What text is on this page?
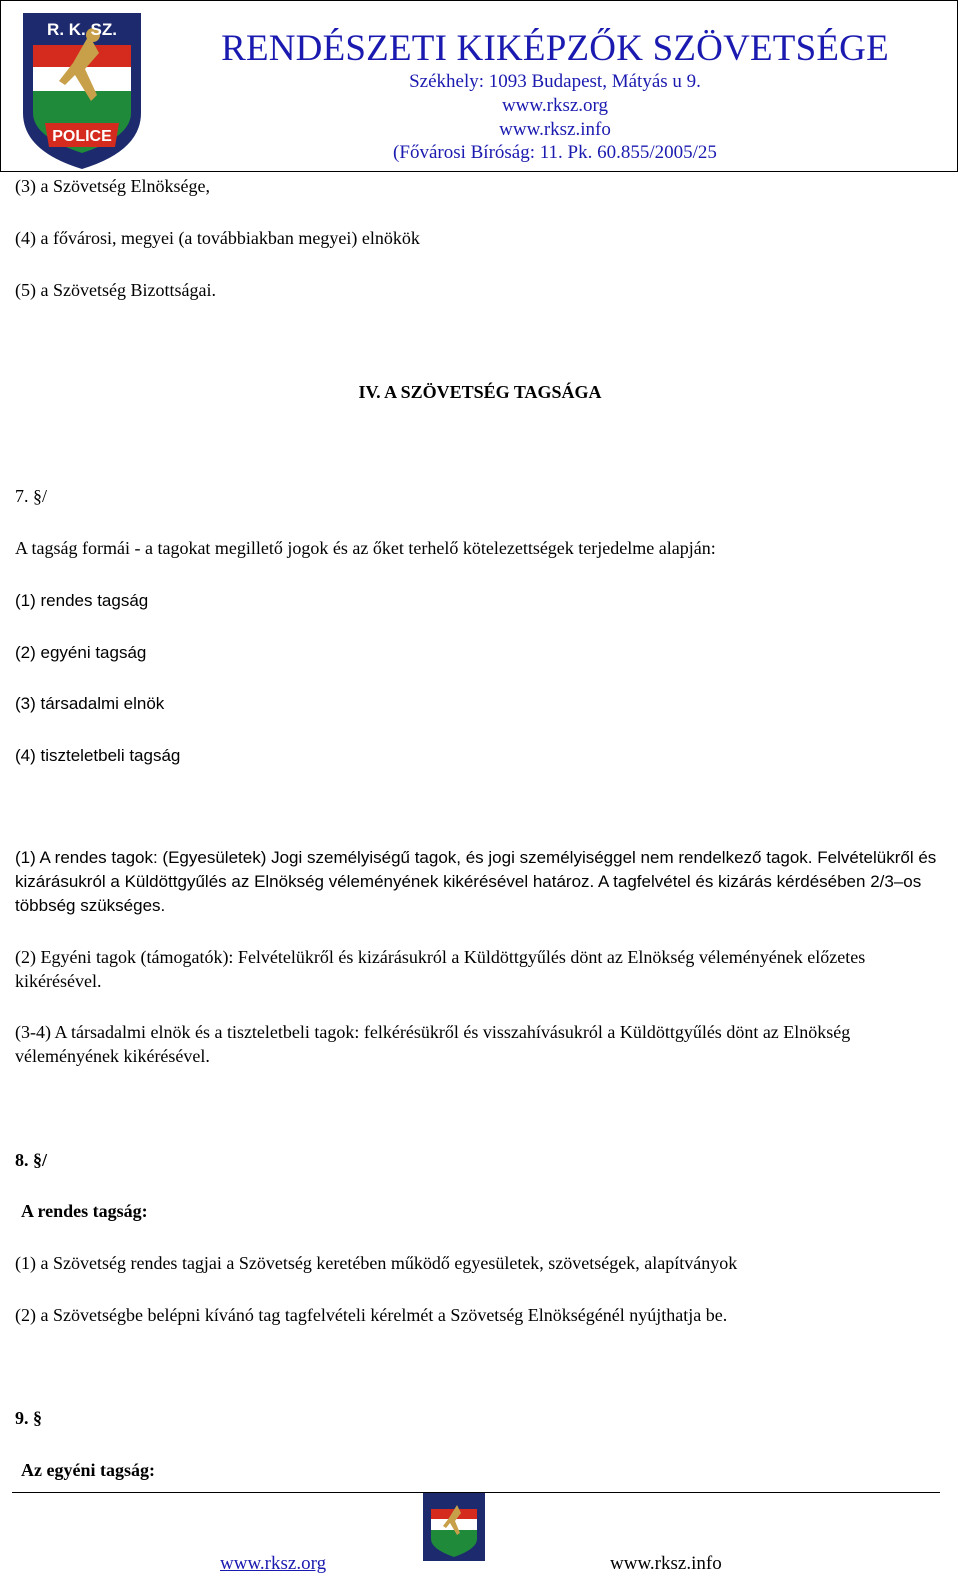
POLICE
R. K. SZ.	RENDÉSZETI KIKÉPZŐK SZÖVETSÉGE
Székhely: 1093 Budapest, Mátyás u 9.
www.rksz.org
www.rksz.info
(Fővárosi Bíróság: 11. Pk. 60.855/2005/25
(3) a Szövetség Elnöksége,
(4) a fővárosi, megyei (a továbbiakban megyei) elnökök
(5) a Szövetség Bizottságai.
IV. A SZÖVETSÉG TAGSÁGA
7. §/
A tagság formái - a tagokat megillető jogok és az őket terhelő kötelezettségek terjedelme alapján:
(1) rendes tagság
(2) egyéni tagság
(3) társadalmi elnök
(4) tiszteletbeli tagság
(1) A rendes tagok: (Egyesületek) Jogi személyiségű tagok, és jogi személyiséggel nem rendelkező tagok. Felvételükről és kizárásukról a Küldöttgyűlés az Elnökség véleményének kikérésével határoz. A tagfelvétel és kizárás kérdésében 2/3–os többség szükséges.
(2) Egyéni tagok (támogatók): Felvételükről és kizárásukról a Küldöttgyűlés dönt az Elnökség véleményének előzetes kikérésével.
(3-4) A társadalmi elnök és a tiszteletbeli tagok: felkérésükről és visszahívásukról a Küldöttgyűlés dönt az Elnökség véleményének kikérésével.
8. §/
A rendes tagság:
(1) a Szövetség rendes tagjai a Szövetség keretében működő egyesületek, szövetségek, alapítványok
(2) a Szövetségbe belépni kívánó tag tagfelvételi kérelmét a Szövetség Elnökségénél nyújthatja be.
9. §
Az egyéni tagság:
www.rksz.org	www.rksz.info
